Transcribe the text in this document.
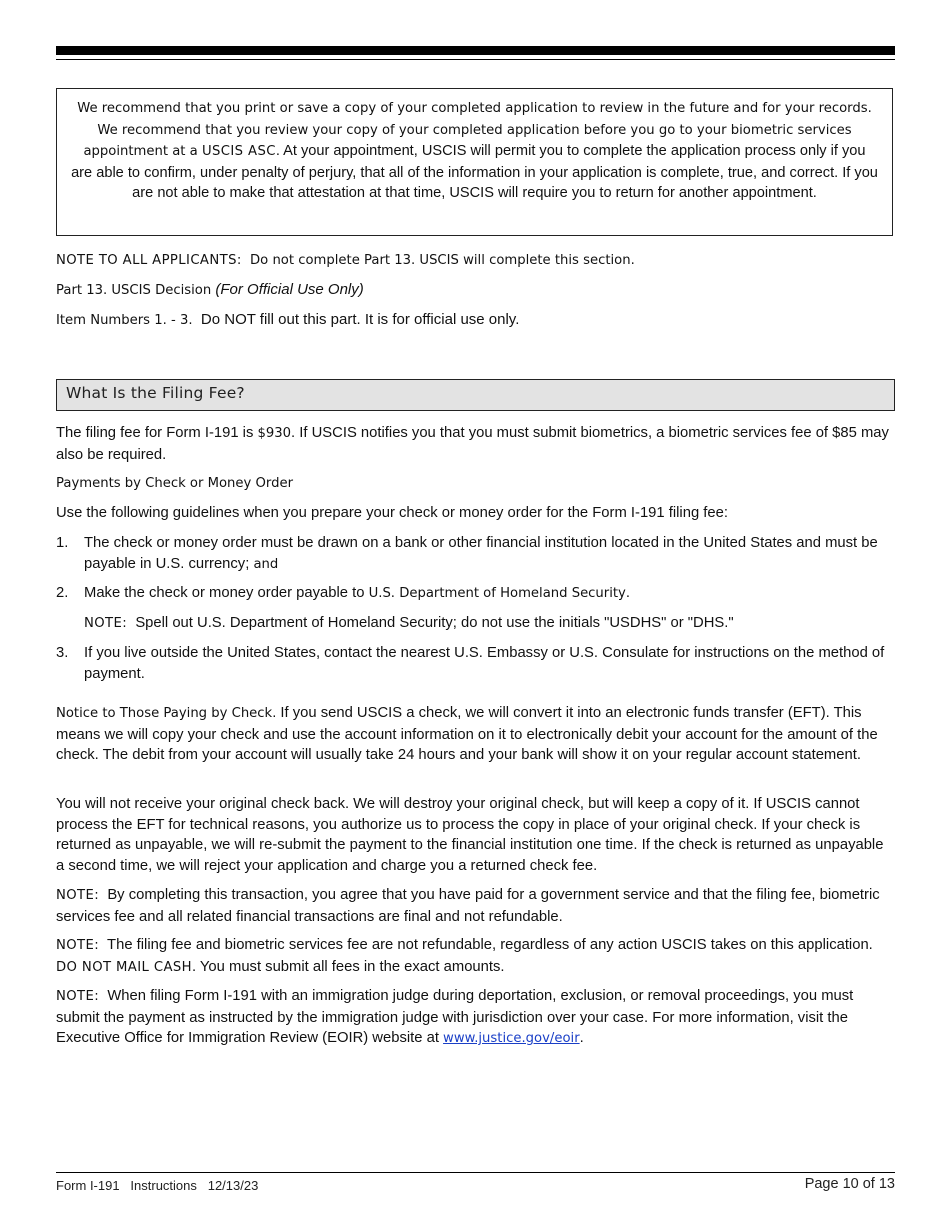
We recommend that you print or save a copy of your completed application to review in the future and for your records. We recommend that you review your copy of your completed application before you go to your biometric services appointment at a USCIS ASC. At your appointment, USCIS will permit you to complete the application process only if you are able to confirm, under penalty of perjury, that all of the information in your application is complete, true, and correct. If you are not able to make that attestation at that time, USCIS will require you to return for another appointment.
NOTE TO ALL APPLICANTS: Do not complete Part 13. USCIS will complete this section.
Part 13. USCIS Decision (For Official Use Only)
Item Numbers 1. - 3. Do NOT fill out this part. It is for official use only.
What Is the Filing Fee?
The filing fee for Form I-191 is $930. If USCIS notifies you that you must submit biometrics, a biometric services fee of $85 may also be required.
Payments by Check or Money Order
Use the following guidelines when you prepare your check or money order for the Form I-191 filing fee:
1.	The check or money order must be drawn on a bank or other financial institution located in the United States and must be payable in U.S. currency; and
2.	Make the check or money order payable to U.S. Department of Homeland Security.
NOTE: Spell out U.S. Department of Homeland Security; do not use the initials "USDHS" or "DHS."
3.	If you live outside the United States, contact the nearest U.S. Embassy or U.S. Consulate for instructions on the method of payment.
Notice to Those Paying by Check. If you send USCIS a check, we will convert it into an electronic funds transfer (EFT). This means we will copy your check and use the account information on it to electronically debit your account for the amount of the check. The debit from your account will usually take 24 hours and your bank will show it on your regular account statement.
You will not receive your original check back. We will destroy your original check, but will keep a copy of it. If USCIS cannot process the EFT for technical reasons, you authorize us to process the copy in place of your original check. If your check is returned as unpayable, we will re-submit the payment to the financial institution one time. If the check is returned as unpayable a second time, we will reject your application and charge you a returned check fee.
NOTE: By completing this transaction, you agree that you have paid for a government service and that the filing fee, biometric services fee and all related financial transactions are final and not refundable.
NOTE: The filing fee and biometric services fee are not refundable, regardless of any action USCIS takes on this application. DO NOT MAIL CASH. You must submit all fees in the exact amounts.
NOTE: When filing Form I-191 with an immigration judge during deportation, exclusion, or removal proceedings, you must submit the payment as instructed by the immigration judge with jurisdiction over your case. For more information, visit the Executive Office for Immigration Review (EOIR) website at www.justice.gov/eoir.
Form I-191   Instructions   12/13/23	Page 10 of 13
